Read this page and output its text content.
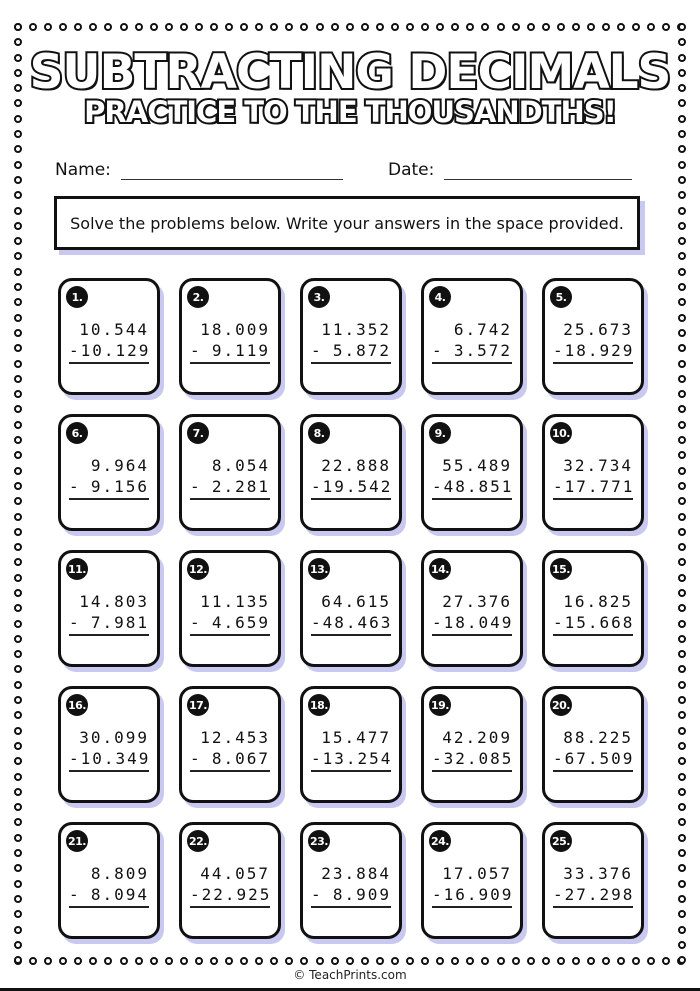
SUBTRACTING DECIMALS
PRACTICE TO THE THOUSANDTHS!
Name:	Date:
Solve the problems below. Write your answers in the space provided.
1.
10.544
- 10.129
2.
18.009
- 9.119
3.
11.352
- 5.872
4.
6.742
- 3.572
5.
25.673
- 18.929
6.
9.964
- 9.156
7.
8.054
- 2.281
8.
22.888
- 19.542
9.
55.489
- 48.851
10.
32.734
- 17.771
11.
14.803
- 7.981
12.
11.135
- 4.659
13.
64.615
- 48.463
14.
27.376
- 18.049
15.
16.825
- 15.668
16.
30.099
- 10.349
17.
12.453
- 8.067
18.
15.477
- 13.254
19.
42.209
- 32.085
20.
88.225
- 67.509
21.
8.809
- 8.094
22.
44.057
- 22.925
23.
23.884
- 8.909
24.
17.057
- 16.909
25.
33.376
- 27.298
© TeachPrints.com
